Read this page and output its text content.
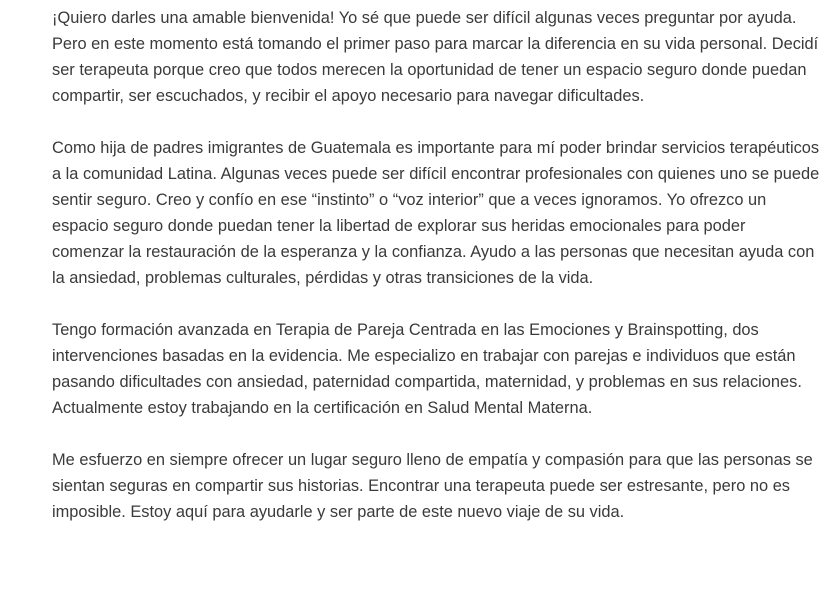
¡Quiero darles una amable bienvenida! Yo sé que puede ser difícil algunas veces preguntar por ayuda. Pero en este momento está tomando el primer paso para marcar la diferencia en su vida personal. Decidí ser terapeuta porque creo que todos merecen la oportunidad de tener un espacio seguro donde puedan compartir, ser escuchados, y recibir el apoyo necesario para navegar dificultades.

Como hija de padres imigrantes de Guatemala es importante para mí poder brindar servicios terapéuticos a la comunidad Latina. Algunas veces puede ser difícil encontrar profesionales con quienes uno se puede sentir seguro. Creo y confío en ese “instinto” o “voz interior” que a veces ignoramos. Yo ofrezco un espacio seguro donde puedan tener la libertad de explorar sus heridas emocionales para poder comenzar la restauración de la esperanza y la confianza. Ayudo a las personas que necesitan ayuda con la ansiedad, problemas culturales, pérdidas y otras transiciones de la vida.

Tengo formación avanzada en Terapia de Pareja Centrada en las Emociones y Brainspotting, dos intervenciones basadas en la evidencia. Me especializo en trabajar con parejas e individuos que están pasando dificultades con ansiedad, paternidad compartida, maternidad, y problemas en sus relaciones. Actualmente estoy trabajando en la certificación en Salud Mental Materna.

Me esfuerzo en siempre ofrecer un lugar seguro lleno de empatía y compasión para que las personas se sientan seguras en compartir sus historias. Encontrar una terapeuta puede ser estresante, pero no es imposible. Estoy aquí para ayudarle y ser parte de este nuevo viaje de su vida.
